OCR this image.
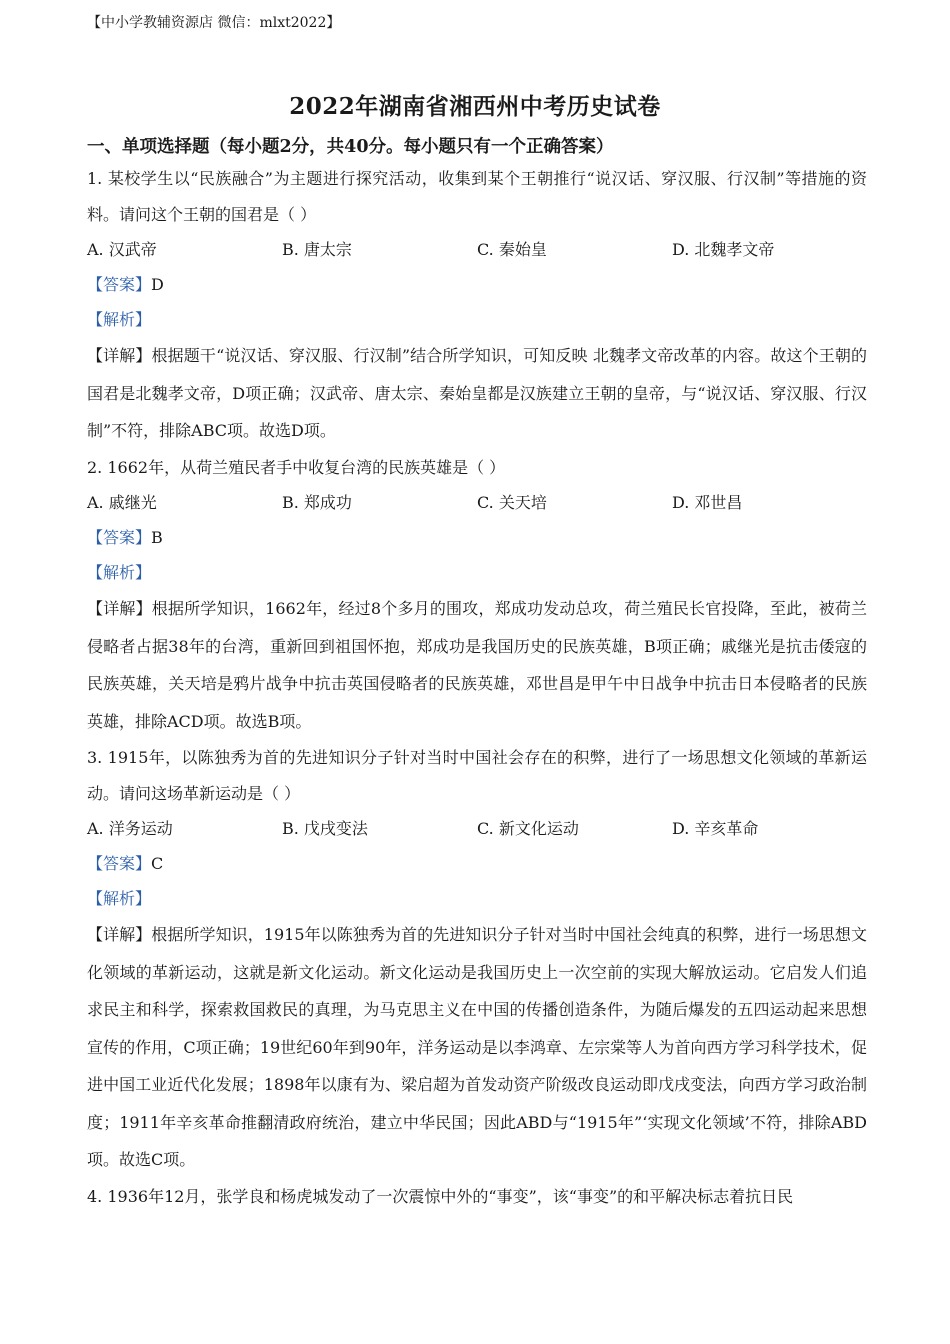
【中小学教辅资源店 微信：mlxt2022】
2022年湖南省湘西州中考历史试卷
一、单项选择题（每小题2分，共40分。每小题只有一个正确答案）
1. 某校学生以“民族融合”为主题进行探究活动，收集到某个王朝推行“说汉话、穿汉服、行汉制”等措施的资料。请问这个王朝的国君是（ ）
A. 汉武帝	B. 唐太宗	C. 秦始皇	D. 北魏孝文帝
【答案】D
【解析】
【详解】根据题干“说汉话、穿汉服、行汉制”结合所学知识，可知反映 北魏孝文帝改革的内容。故这个王朝的国君是北魏孝文帝，D项正确；汉武帝、唐太宗、秦始皇都是汉族建立王朝的皇帝，与“说汉话、穿汉服、行汉制”不符，排除ABC项。故选D项。
2. 1662年，从荷兰殖民者手中收复台湾的民族英雄是（ ）
A. 戚继光	B. 郑成功	C. 关天培	D. 邓世昌
【答案】B
【解析】
【详解】根据所学知识，1662年，经过8个多月的围攻，郑成功发动总攻，荷兰殖民长官投降，至此，被荷兰侵略者占据38年的台湾，重新回到祖国怀抱，郑成功是我国历史的民族英雄，B项正确；戚继光是抗击倭寇的民族英雄，关天培是鸦片战争中抗击英国侵略者的民族英雄，邓世昌是甲午中日战争中抗击日本侵略者的民族英雄，排除ACD项。故选B项。
3. 1915年，以陈独秀为首的先进知识分子针对当时中国社会存在的积弊，进行了一场思想文化领域的革新运动。请问这场革新运动是（ ）
A. 洋务运动	B. 戊戌变法	C. 新文化运动	D. 辛亥革命
【答案】C
【解析】
【详解】根据所学知识，1915年以陈独秀为首的先进知识分子针对当时中国社会纯真的积弊，进行一场思想文化领域的革新运动，这就是新文化运动。新文化运动是我国历史上一次空前的实现大解放运动。它启发人们追求民主和科学，探索救国救民的真理，为马克思主义在中国的传播创造条件，为随后爆发的五四运动起来思想宣传的作用，C项正确；19世纪60年到90年，洋务运动是以李鸿章、左宗棠等人为首向西方学习科学技术，促进中国工业近代化发展；1898年以康有为、梁启超为首发动资产阶级改良运动即戊戌变法，向西方学习政治制度；1911年辛亥革命推翻清政府统治，建立中华民国；因此ABD与“1915年”‘实现文化领域’不符，排除ABD项。故选C项。
4. 1936年12月，张学良和杨虎城发动了一次震惊中外的“事变”，该“事变”的和平解决标志着抗日民
